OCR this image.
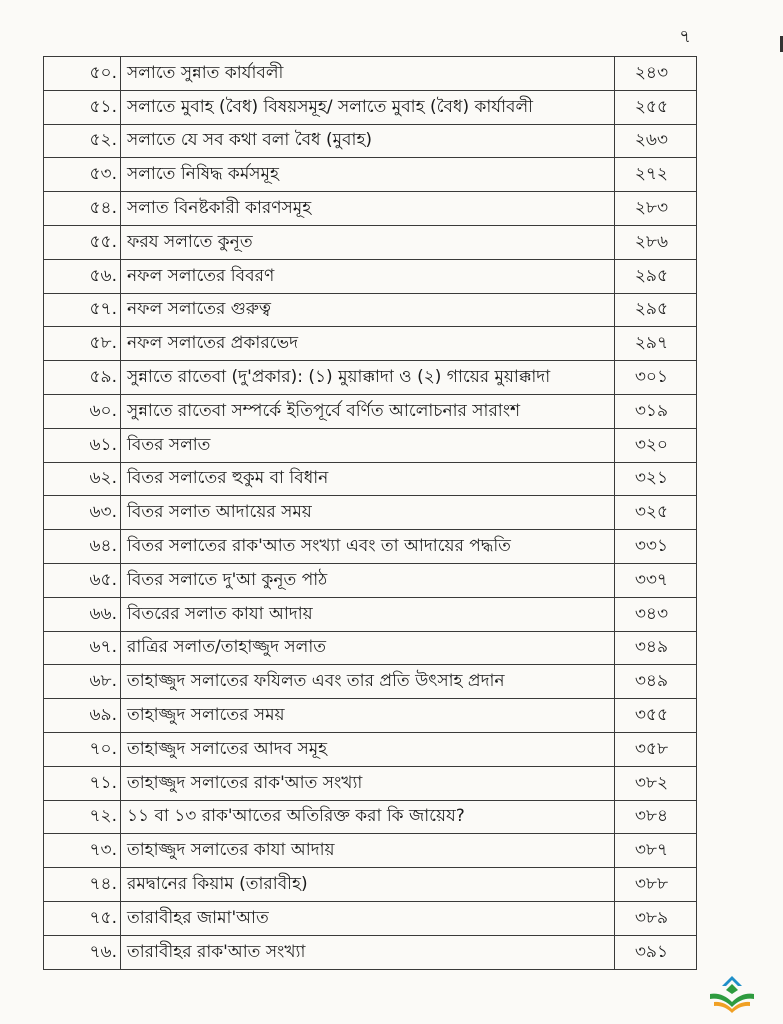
৭
৫০.	সলাতে সুন্নাত কার্যাবলী	২৪৩
৫১.	সলাতে মুবাহ (বৈধ) বিষয়সমূহ/ সলাতে মুবাহ (বৈধ) কার্যাবলী	২৫৫
৫২.	সলাতে যে সব কথা বলা বৈধ (মুবাহ)	২৬৩
৫৩.	সলাতে নিষিদ্ধ কর্মসমূহ	২৭২
৫৪.	সলাত বিনষ্টকারী কারণসমূহ	২৮৩
৫৫.	ফরয সলাতে কুনূত	২৮৬
৫৬.	নফল সলাতের বিবরণ	২৯৫
৫৭.	নফল সলাতের গুরুত্ব	২৯৫
৫৮.	নফল সলাতের প্রকারভেদ	২৯৭
৫৯.	সুন্নাতে রাতেবা (দু'প্রকার): (১) মুয়াক্কাদা ও (২) গায়ের মুয়াক্কাদা	৩০১
৬০.	সুন্নাতে রাতেবা সম্পর্কে ইতিপূর্বে বর্ণিত আলোচনার সারাংশ	৩১৯
৬১.	বিতর সলাত	৩২০
৬২.	বিতর সলাতের হুকুম বা বিধান	৩২১
৬৩.	বিতর সলাত আদায়ের সময়	৩২৫
৬৪.	বিতর সলাতের রাক'আত সংখ্যা এবং তা আদায়ের পদ্ধতি	৩৩১
৬৫.	বিতর সলাতে দু'আ কুনূত পাঠ	৩৩৭
৬৬.	বিতরের সলাত কাযা আদায়	৩৪৩
৬৭.	রাত্রির সলাত/তাহাজ্জুদ সলাত	৩৪৯
৬৮.	তাহাজ্জুদ সলাতের ফযিলত এবং তার প্রতি উৎসাহ প্রদান	৩৪৯
৬৯.	তাহাজ্জুদ সলাতের সময়	৩৫৫
৭০.	তাহাজ্জুদ সলাতের আদব সমূহ	৩৫৮
৭১.	তাহাজ্জুদ সলাতের রাক'আত সংখ্যা	৩৮২
৭২.	১১ বা ১৩ রাক'আতের অতিরিক্ত করা কি জায়েয?	৩৮৪
৭৩.	তাহাজ্জুদ সলাতের কাযা আদায়	৩৮৭
৭৪.	রমদ্বানের কিয়াম (তারাবীহ)	৩৮৮
৭৫.	তারাবীহর জামা'আত	৩৮৯
৭৬.	তারাবীহর রাক'আত সংখ্যা	৩৯১
